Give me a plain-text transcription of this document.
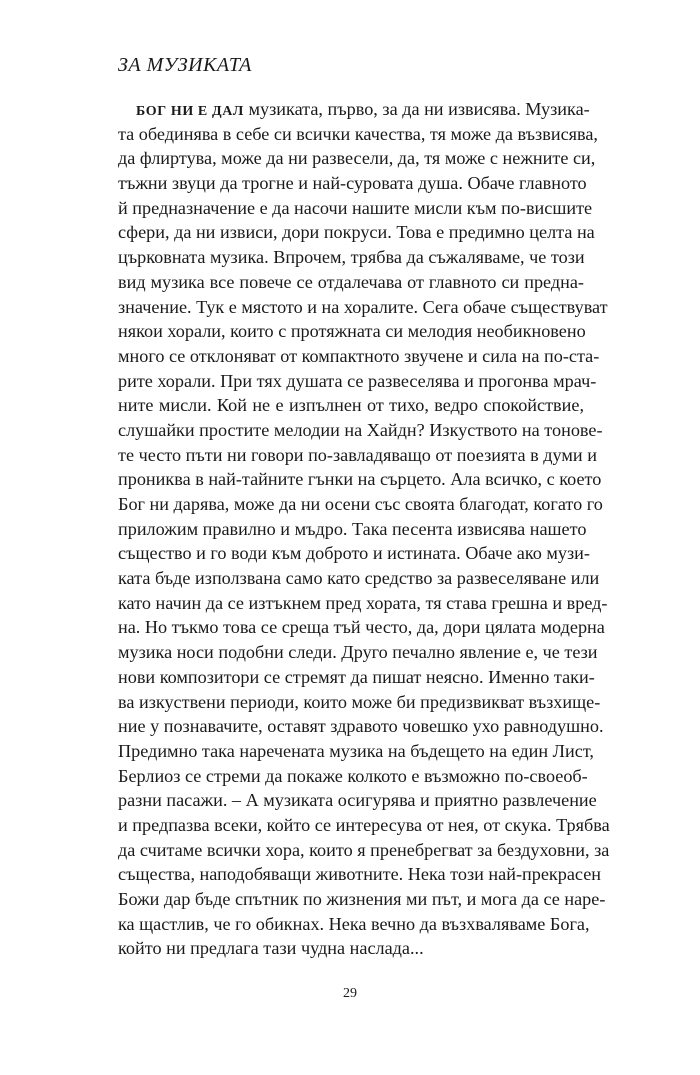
ЗА МУЗИКАТА
БОГ НИ Е ДАЛ музиката, първо, за да ни извисява. Музика-
та обединява в себе си всички качества, тя може да възвисява,
да флиртува, може да ни развесели, да, тя може с нежните си,
тъжни звуци да трогне и най-суровата душа. Обаче главното
й предназначение е да насочи нашите мисли към по-висшите
сфери, да ни извиси, дори покруси. Това е предимно целта на
църковната музика. Впрочем, трябва да съжаляваме, че този
вид музика все повече се отдалечава от главното си предна-
значение. Тук е мястото и на хоралите. Сега обаче съществуват
някои хорали, които с протяжната си мелодия необикновено
много се отклоняват от компактното звучене и сила на по-ста-
рите хорали. При тях душата се развеселява и прогонва мрач-
ните мисли. Кой не е изпълнен от тихо, ведро спокойствие,
слушайки простите мелодии на Хайдн? Изкуството на тонове-
те често пъти ни говори по-завладяващо от поезията в думи и
прониква в най-тайните гънки на сърцето. Ала всичко, с което
Бог ни дарява, може да ни осени със своята благодат, когато го
приложим правилно и мъдро. Така песента извисява нашето
същество и го води към доброто и истината. Обаче ако музи-
ката бъде използвана само като средство за развеселяване или
като начин да се изтъкнем пред хората, тя става грешна и вред-
на. Но тъкмо това се среща тъй често, да, дори цялата модерна
музика носи подобни следи. Друго печално явление е, че тези
нови композитори се стремят да пишат неясно. Именно таки-
ва изкуствени периоди, които може би предизвикват възхище-
ние у познавачите, оставят здравото човешко ухо равнодушно.
Предимно така наречената музика на бъдещето на един Лист,
Берлиоз се стреми да покаже колкото е възможно по-своеоб-
разни пасажи. – А музиката осигурява и приятно развлечение
и предпазва всеки, който се интересува от нея, от скука. Трябва
да считаме всички хора, които я пренебрегват за бездуховни, за
същества, наподобяващи животните. Нека този най-прекрасен
Божи дар бъде спътник по жизнения ми път, и мога да се наре-
ка щастлив, че го обикнах. Нека вечно да възхваляваме Бога,
който ни предлага тази чудна наслада...
29
